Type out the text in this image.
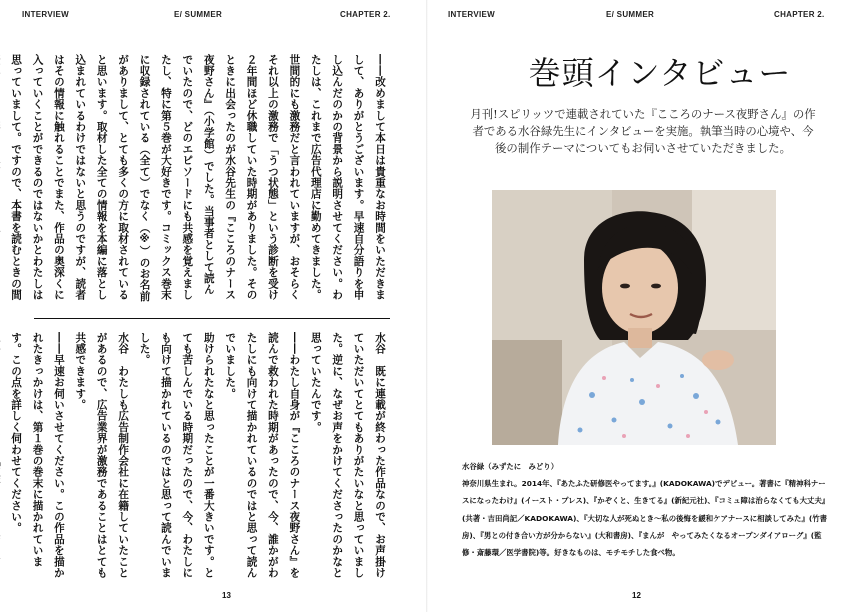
INTERVIEW	E/ SUMMER	CHAPTER 2.

――改めまして本日は貴重なお時間をいただきまして、ありがとうございます。早速自分語りを申し込んだのかの背景から説明させてください。わたしは、これまで広告代理店に勤めてきました。世間的にも激務だと言われていますが、おそらくそれ以上の激務で「うつ状態」という診断を受け２年間ほど休職していた時期がありました。そのときに出会ったのが水谷先生の『こころのナース夜野さん』（小学館）でした。当事者として読んでいたので、どのエピソードにも共感を覚えましたし、特に第５巻が大好きです。コミックス巻末に収録されている（全て）でなく（※）のお名前がありまして、とても多くの方に取材されていると思います。取材した全ての情報を本編に落とし込まれているわけではないと思うのですが、読者はその情報に触れることでまた、作品の奥深くに入っていくことができるのではないかとわたしは思っていまして。ですので、本書を読むときの間

水谷　既に連載が終わった作品なので、お声掛けていただいてとてもありがたいなと思っていました。逆に、なぜお声をかけてくださったのかなと思っていたんです。

――わたし自身が『こころのナース夜野さん』を読んで救われた時期があったので、今、誰かがわたしにも向けて描かれているのではと思って読んでいました。

助けられたなと思ったことが一番大きいです。とても苦しんでいる時期だったので、今、わたしにも向けて描かれているのではと思って読んでいました。

水谷　わたしも広告制作会社に在籍していたことがあるので、広告業界が激務であることはとても共感できます。

――早速お伺いさせてください。この作品を描かれたきっかけは、第１巻の巻末に描かれています。この点を詳しく伺わせてください。

13
INTERVIEW	E/ SUMMER	CHAPTER 2.
巻頭インタビュー
月刊!スピリッツで連載されていた『こころのナース夜野さん』の作者である水谷緑先生にインタビューを実施。執筆当時の心境や、今後の制作テーマについてもお伺いさせていただきました。
水谷緑（みずたに　みどり）
神奈川県生まれ。2014年、『あたふた研修医やってます。』(KADOKAWA)でデビュー。著書に『精神科ナースになったわけ』(イースト・プレス)、『かぞくと、生きてる』(新紀元社)、『コミュ障は治らなくても大丈夫』(共著・吉田尚記／KADOKAWA)、『大切な人が死ぬとき～私の後悔を緩和ケアナースに相談してみた』(竹書房)、『男との付き合い方が分からない』(大和書房)、『まんが　やってみたくなるオープンダイアローグ』(監修・斎藤環／医学書院)等。好きなものは、モチモチした食べ物。
12
